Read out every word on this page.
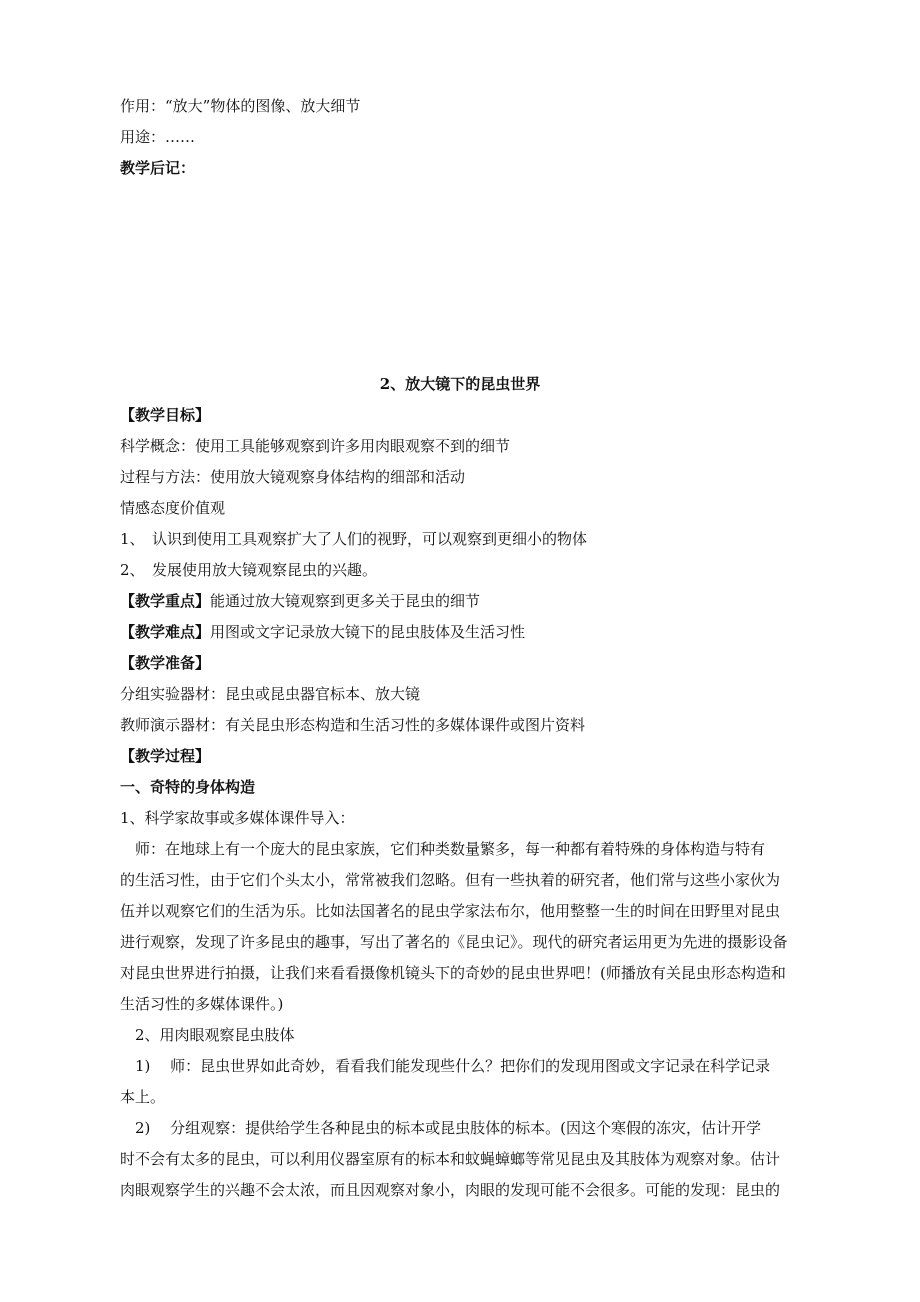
作用：“放大”物体的图像、放大细节
用途：……
教学后记：
2、放大镜下的昆虫世界
【教学目标】
科学概念：使用工具能够观察到许多用肉眼观察不到的细节
过程与方法：使用放大镜观察身体结构的细部和活动
情感态度价值观
1、　认识到使用工具观察扩大了人们的视野，可以观察到更细小的物体
2、　发展使用放大镜观察昆虫的兴趣。
【教学重点】能通过放大镜观察到更多关于昆虫的细节
【教学难点】用图或文字记录放大镜下的昆虫肢体及生活习性
【教学准备】
分组实验器材：昆虫或昆虫器官标本、放大镜
教师演示器材：有关昆虫形态构造和生活习性的多媒体课件或图片资料
【教学过程】
一、奇特的身体构造
1、科学家故事或多媒体课件导入：
　师：在地球上有一个庞大的昆虫家族，它们种类数量繁多，每一种都有着特殊的身体构造与特有
的生活习性，由于它们个头太小，常常被我们忽略。但有一些执着的研究者，他们常与这些小家伙为
伍并以观察它们的生活为乐。比如法国著名的昆虫学家法布尔，他用整整一生的时间在田野里对昆虫
进行观察，发现了许多昆虫的趣事，写出了著名的《昆虫记》。现代的研究者运用更为先进的摄影设备
对昆虫世界进行拍摄，让我们来看看摄像机镜头下的奇妙的昆虫世界吧！(师播放有关昆虫形态构造和
生活习性的多媒体课件。)
　2、用肉眼观察昆虫肢体
　1)　 师：昆虫世界如此奇妙，看看我们能发现些什么？把你们的发现用图或文字记录在科学记录
本上。
　2)　 分组观察：提供给学生各种昆虫的标本或昆虫肢体的标本。(因这个寒假的冻灾，估计开学
时不会有太多的昆虫，可以利用仪器室原有的标本和蚊蝇蟑螂等常见昆虫及其肢体为观察对象。估计
肉眼观察学生的兴趣不会太浓，而且因观察对象小，肉眼的发现可能不会很多。可能的发现：昆虫的
